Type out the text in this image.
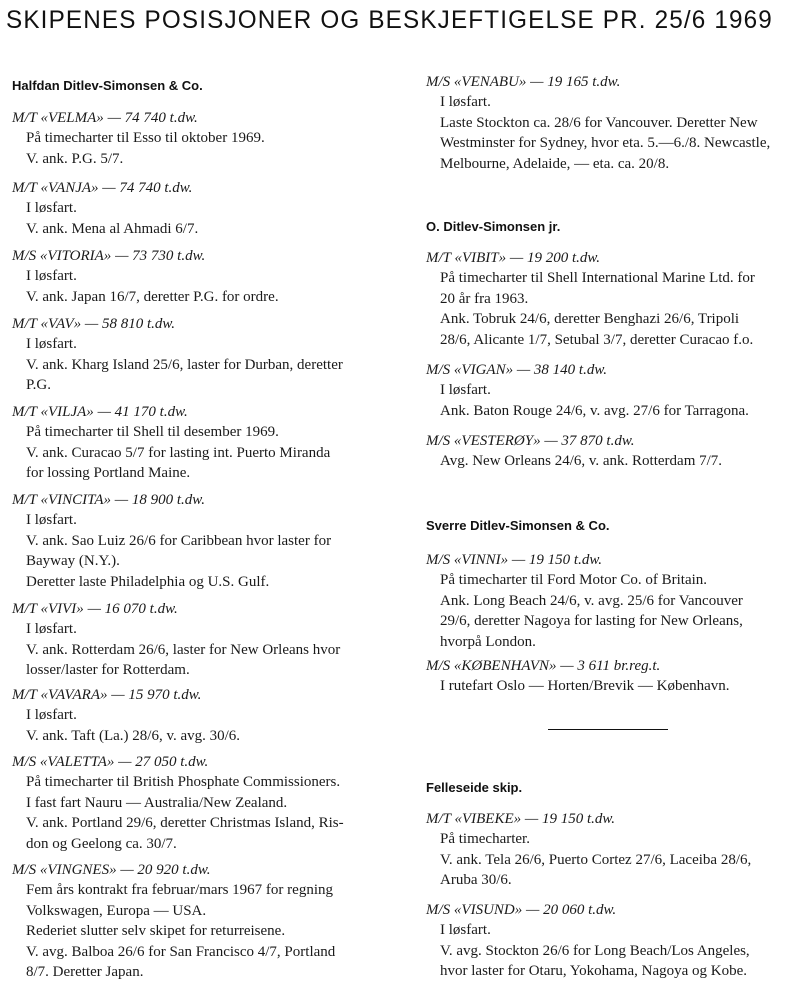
SKIPENES POSISJONER OG BESKJEFTIGELSE PR. 25/6 1969
Halfdan Ditlev-Simonsen & Co.
M/T «VELMA» — 74 740 t.dw.
På timecharter til Esso til oktober 1969.
V. ank. P.G. 5/7.
M/T «VANJA» — 74 740 t.dw.
I løsfart.
V. ank. Mena al Ahmadi 6/7.
M/S «VITORIA» — 73 730 t.dw.
I løsfart.
V. ank. Japan 16/7, deretter P.G. for ordre.
M/T «VAV» — 58 810 t.dw.
I løsfart.
V. ank. Kharg Island 25/6, laster for Durban, deretter
P.G.
M/T «VILJA» — 41 170 t.dw.
På timecharter til Shell til desember 1969.
V. ank. Curacao 5/7 for lasting int. Puerto Miranda
for lossing Portland Maine.
M/T «VINCITA» — 18 900 t.dw.
I løsfart.
V. ank. Sao Luiz 26/6 for Caribbean hvor laster for
Bayway (N.Y.).
Deretter laste Philadelphia og U.S. Gulf.
M/T «VIVI» — 16 070 t.dw.
I løsfart.
V. ank. Rotterdam 26/6, laster for New Orleans hvor
losser/laster for Rotterdam.
M/T «VAVARA» — 15 970 t.dw.
I løsfart.
V. ank. Taft (La.) 28/6, v. avg. 30/6.
M/S «VALETTA» — 27 050 t.dw.
På timecharter til British Phosphate Commissioners.
I fast fart Nauru — Australia/New Zealand.
V. ank. Portland 29/6, deretter Christmas Island, Ris-
don og Geelong ca. 30/7.
M/S «VINGNES» — 20 920 t.dw.
Fem års kontrakt fra februar/mars 1967 for regning
Volkswagen, Europa — USA.
Rederiet slutter selv skipet for returreisene.
V. avg. Balboa 26/6 for San Francisco 4/7, Portland
8/7. Deretter Japan.
M/S «VENABU» — 19 165 t.dw.
I løsfart.
Laste Stockton ca. 28/6 for Vancouver. Deretter New
Westminster for Sydney, hvor eta. 5.—6./8. Newcastle,
Melbourne, Adelaide, — eta. ca. 20/8.
O. Ditlev-Simonsen jr.
M/T «VIBIT» — 19 200 t.dw.
På timecharter til Shell International Marine Ltd. for
20 år fra 1963.
Ank. Tobruk 24/6, deretter Benghazi 26/6, Tripoli
28/6, Alicante 1/7, Setubal 3/7, deretter Curacao f.o.
M/S «VIGAN» — 38 140 t.dw.
I løsfart.
Ank. Baton Rouge 24/6, v. avg. 27/6 for Tarragona.
M/S «VESTERØY» — 37 870 t.dw.
Avg. New Orleans 24/6, v. ank. Rotterdam 7/7.
Sverre Ditlev-Simonsen & Co.
M/S «VINNI» — 19 150 t.dw.
På timecharter til Ford Motor Co. of Britain.
Ank. Long Beach 24/6, v. avg. 25/6 for Vancouver
29/6, deretter Nagoya for lasting for New Orleans,
hvorpå London.
M/S «KØBENHAVN» — 3 611 br.reg.t.
I rutefart Oslo — Horten/Brevik — København.
Felleseide skip.
M/T «VIBEKE» — 19 150 t.dw.
På timecharter.
V. ank. Tela 26/6, Puerto Cortez 27/6, Laceiba 28/6,
Aruba 30/6.
M/S «VISUND» — 20 060 t.dw.
I løsfart.
V. avg. Stockton 26/6 for Long Beach/Los Angeles,
hvor laster for Otaru, Yokohama, Nagoya og Kobe.
